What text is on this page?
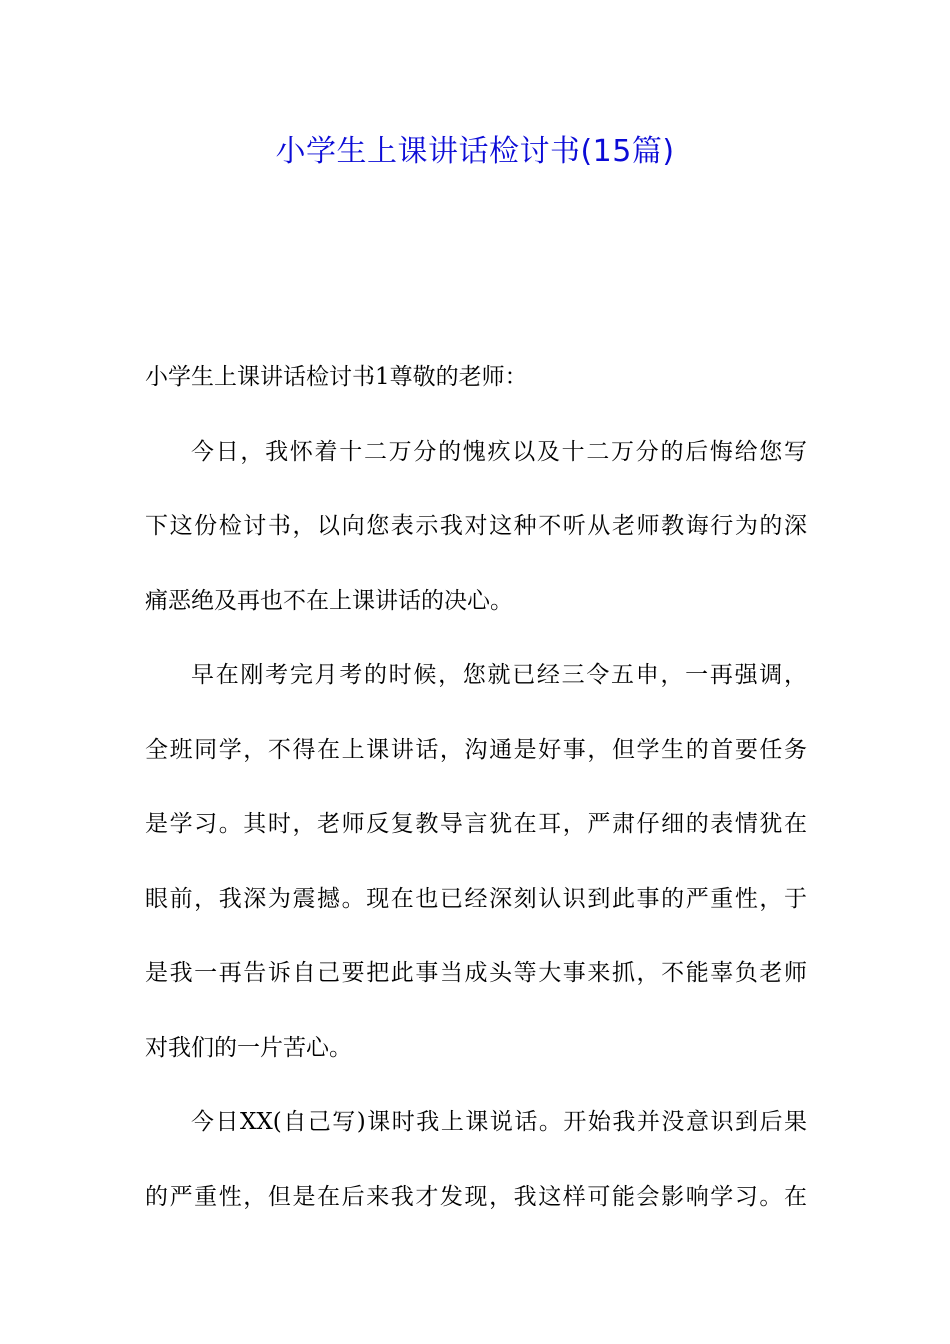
小学生上课讲话检讨书(15篇)
小学生上课讲话检讨书1尊敬的老师：
今日，我怀着十二万分的愧疚以及十二万分的后悔给您写
下这份检讨书，以向您表示我对这种不听从老师教诲行为的深
痛恶绝及再也不在上课讲话的决心。
早在刚考完月考的时候，您就已经三令五申，一再强调，
全班同学，不得在上课讲话，沟通是好事，但学生的首要任务
是学习。其时，老师反复教导言犹在耳，严肃仔细的表情犹在
眼前，我深为震撼。现在也已经深刻认识到此事的严重性，于
是我一再告诉自己要把此事当成头等大事来抓，不能辜负老师
对我们的一片苦心。
今日XX(自己写)课时我上课说话。开始我并没意识到后果
的严重性，但是在后来我才发现，我这样可能会影响学习。在
